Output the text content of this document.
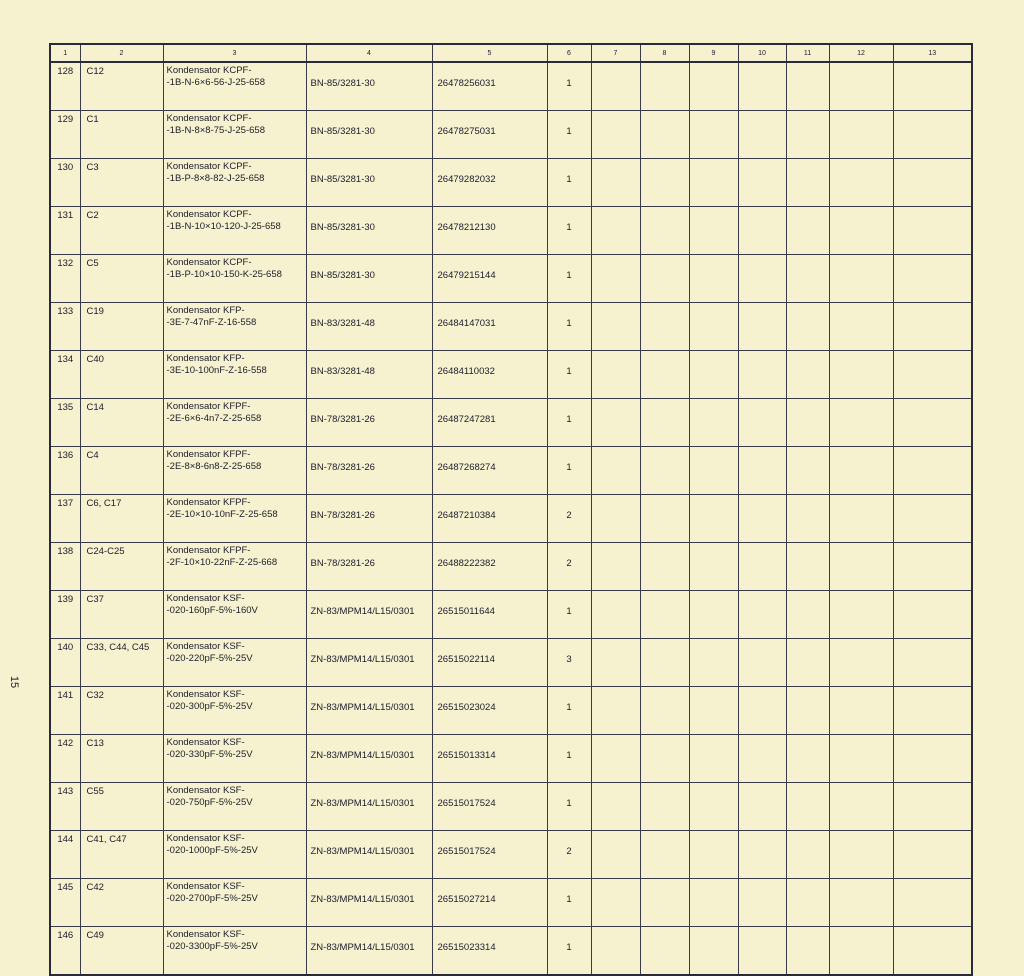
1	2	3	4	5	6	7	8	9	10	11	12	13
128	C12	Kondensator KCPF-
-1B-N-6×6-56-J-25-658	BN-85/3281-30	26478256031	1							
129	C1	Kondensator KCPF-
-1B-N-8×8-75-J-25-658	BN-85/3281-30	26478275031	1							
130	C3	Kondensator KCPF-
-1B-P-8×8-82-J-25-658	BN-85/3281-30	26479282032	1							
131	C2	Kondensator KCPF-
-1B-N-10×10-120-J-25-658	BN-85/3281-30	26478212130	1							
132	C5	Kondensator KCPF-
-1B-P-10×10-150-K-25-658	BN-85/3281-30	26479215144	1							
133	C19	Kondensator KFP-
-3E-7-47nF-Z-16-558	BN-83/3281-48	26484147031	1							
134	C40	Kondensator KFP-
-3E-10-100nF-Z-16-558	BN-83/3281-48	26484110032	1							
135	C14	Kondensator KFPF-
-2E-6×6-4n7-Z-25-658	BN-78/3281-26	26487247281	1							
136	C4	Kondensator KFPF-
-2E-8×8-6n8-Z-25-658	BN-78/3281-26	26487268274	1							
137	C6, C17	Kondensator KFPF-
-2E-10×10-10nF-Z-25-658	BN-78/3281-26	26487210384	2							
138	C24-C25	Kondensator KFPF-
-2F-10×10-22nF-Z-25-668	BN-78/3281-26	26488222382	2							
139	C37	Kondensator KSF-
-020-160pF-5%-160V	ZN-83/MPM14/L15/0301	26515011644	1							
140	C33, C44, C45	Kondensator KSF-
-020-220pF-5%-25V	ZN-83/MPM14/L15/0301	26515022114	3							
141	C32	Kondensator KSF-
-020-300pF-5%-25V	ZN-83/MPM14/L15/0301	26515023024	1							
142	C13	Kondensator KSF-
-020-330pF-5%-25V	ZN-83/MPM14/L15/0301	26515013314	1							
143	C55	Kondensator KSF-
-020-750pF-5%-25V	ZN-83/MPM14/L15/0301	26515017524	1							
144	C41, C47	Kondensator KSF-
-020-1000pF-5%-25V	ZN-83/MPM14/L15/0301	26515017524	2							
145	C42	Kondensator KSF-
-020-2700pF-5%-25V	ZN-83/MPM14/L15/0301	26515027214	1							
146	C49	Kondensator KSF-
-020-3300pF-5%-25V	ZN-83/MPM14/L15/0301	26515023314	1							
15
